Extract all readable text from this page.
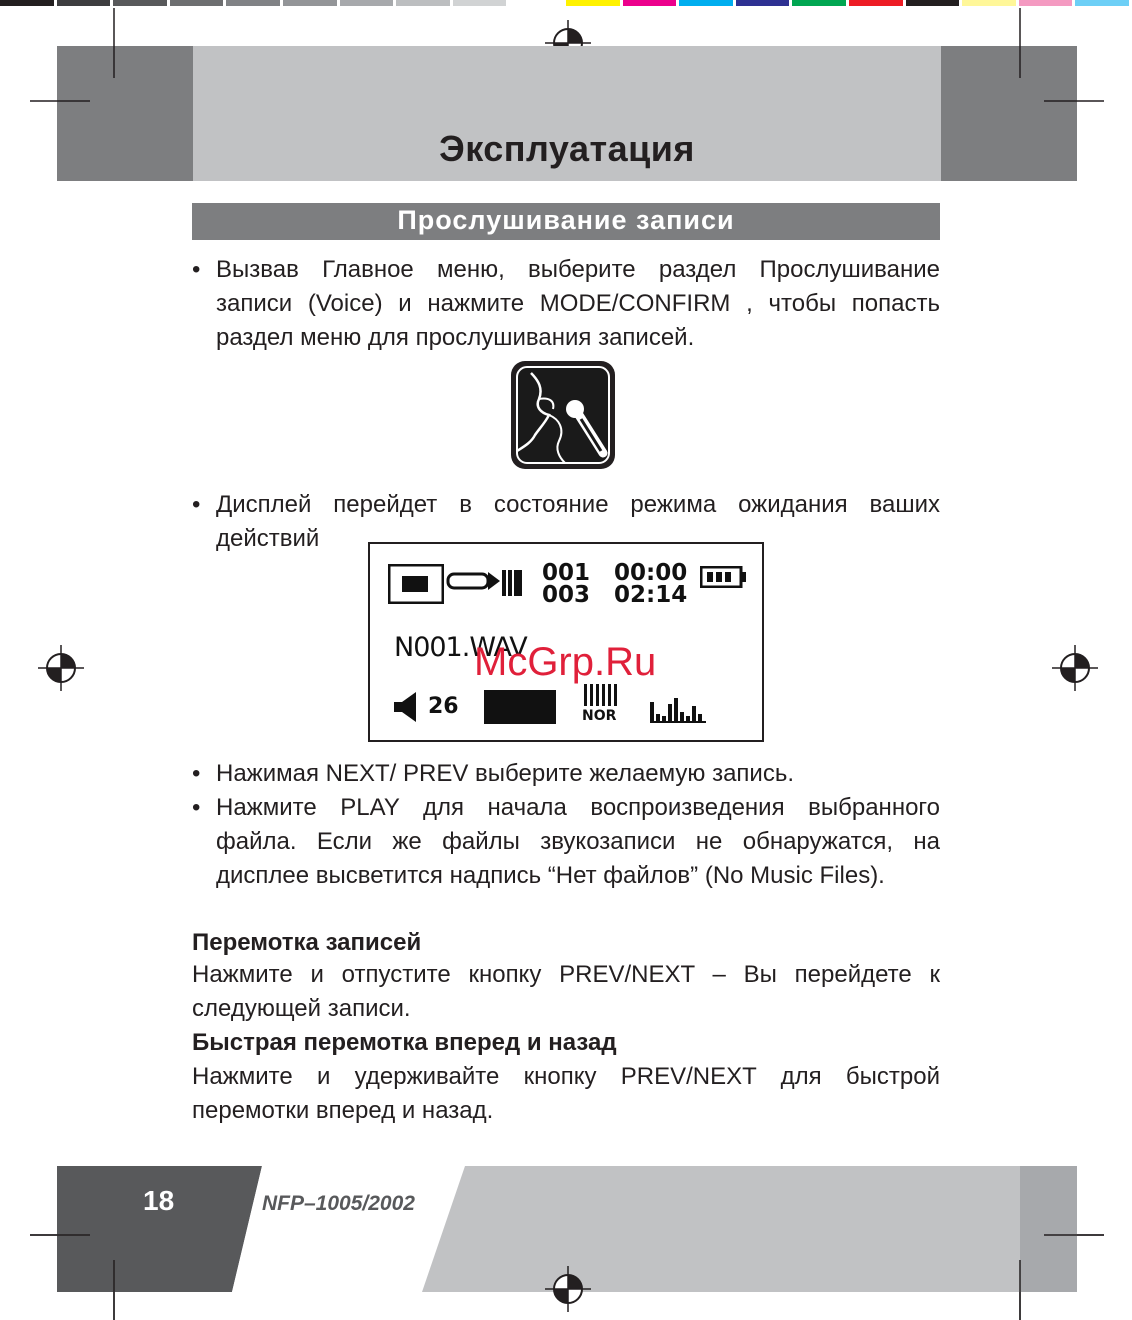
Эксплуатация
Прослушивание записи
• Вызвав Главное меню, выберите раздел Прослушивание записи (Voice) и нажмите MODE/CONFIRM , чтобы попасть раздел меню для прослушивания записей.
• Дисплей перейдет в состояние режима ожидания ваших действий
001
003
00:00
02:14
N001.WAV
26	NOR
McGrp.Ru
• Нажимая NEXT/ PREV выберите желаемую запись.
• Нажмите PLAY для начала воспроизведения выбранного файла. Если же файлы звукозаписи не обнаружатся, на дисплее высветится надпись “Нет файлов” (No Music Files).
Перемотка записей
Нажмите и отпустите кнопку PREV/NEXT – Вы перейдете к следующей записи.
Быстрая перемотка вперед и назад
Нажмите и удерживайте кнопку PREV/NEXT для быстрой перемотки вперед и назад.
18	NFP–1005/2002
